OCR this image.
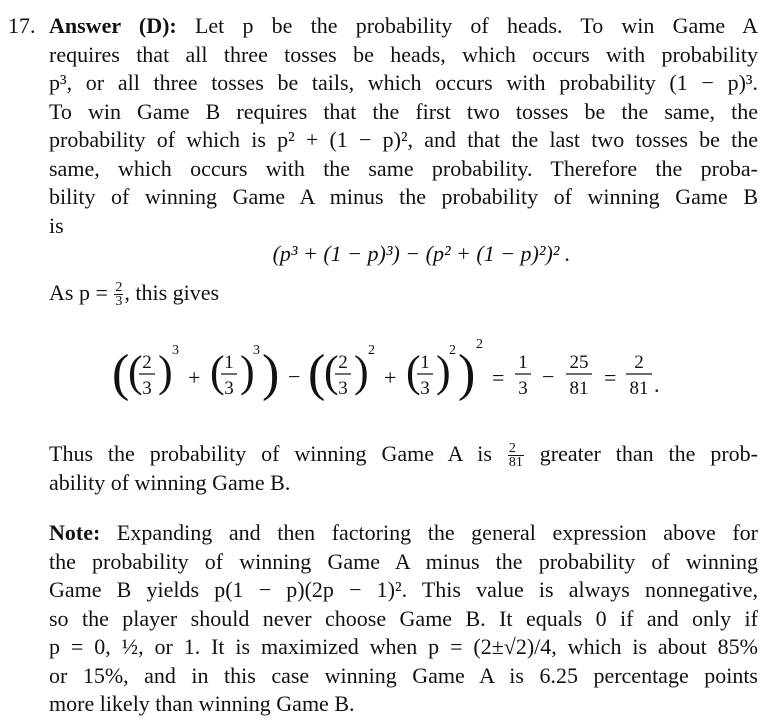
17. Answer (D): Let p be the probability of heads. To win Game A
requires that all three tosses be heads, which occurs with probability
p³, or all three tosses be tails, which occurs with probability (1 − p)³.
To win Game B requires that the first two tosses be the same, the
probability of which is p² + (1 − p)², and that the last two tosses be the
same, which occurs with the same probability. Therefore the proba-
bility of winning Game A minus the probability of winning Game B
is
(p³ + (1 − p)³) − (p² + (1 − p)²)² .
As $p = \frac{2}{3}$ , this gives
(
( 2
3 ) 3
+ ( 1
3 )
3 ) − (
( 2
3 ) 2
+ ( 1
3 )
2 )
2
=
1
3 −
25
81 =
2
81 .
Thus the probability of winning Game A is $\frac{2}{81}$ greater than the prob-
ability of winning Game B.
Note: Expanding and then factoring the general expression above for
the probability of winning Game A minus the probability of winning
Game B yields p(1 − p)(2p − 1)². This value is always nonnegative,
so the player should never choose Game B. It equals 0 if and only if
p = 0, ½, or 1. It is maximized when p = (2±√2)/4, which is about 85%
or 15%, and in this case winning Game A is 6.25 percentage points
more likely than winning Game B.
